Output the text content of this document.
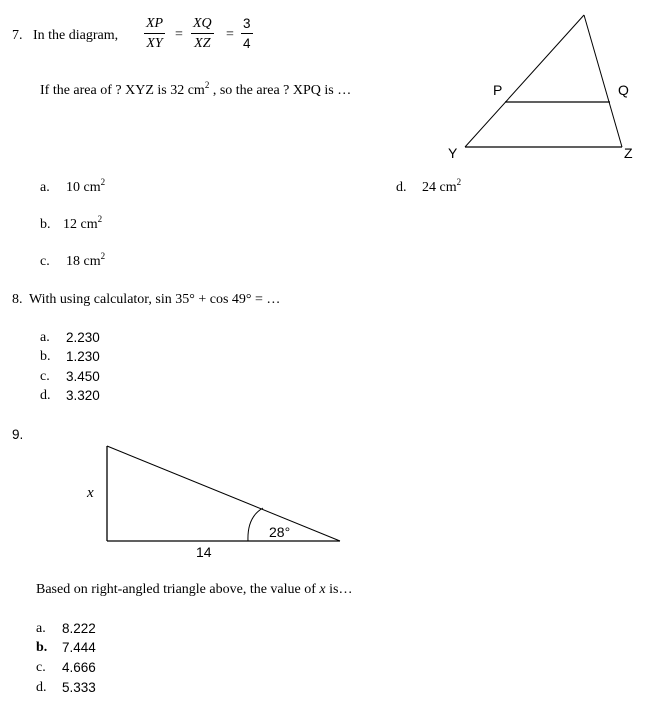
7. In the diagram, $\frac{XP}{XY} = \frac{XQ}{XZ} = \frac{3}{4}$
If the area of ? XYZ is 32 $cm^2$ , so the area ? XPQ is …	P	Q
Y	Z
a. 10 $cm^2$
b. 12 $cm^2$
c. 18 $cm^2$
d. 24 $cm^2$
8. With using calculator, sin 35° + cos 49° = …
a. 2.230
b. 1.230
c. 3.450
d. 3.320
9.
x
14
28°
Based on right-angled triangle above, the value of x is…
a. 8.222
b. 7.444
c. 4.666
d. 5.333
